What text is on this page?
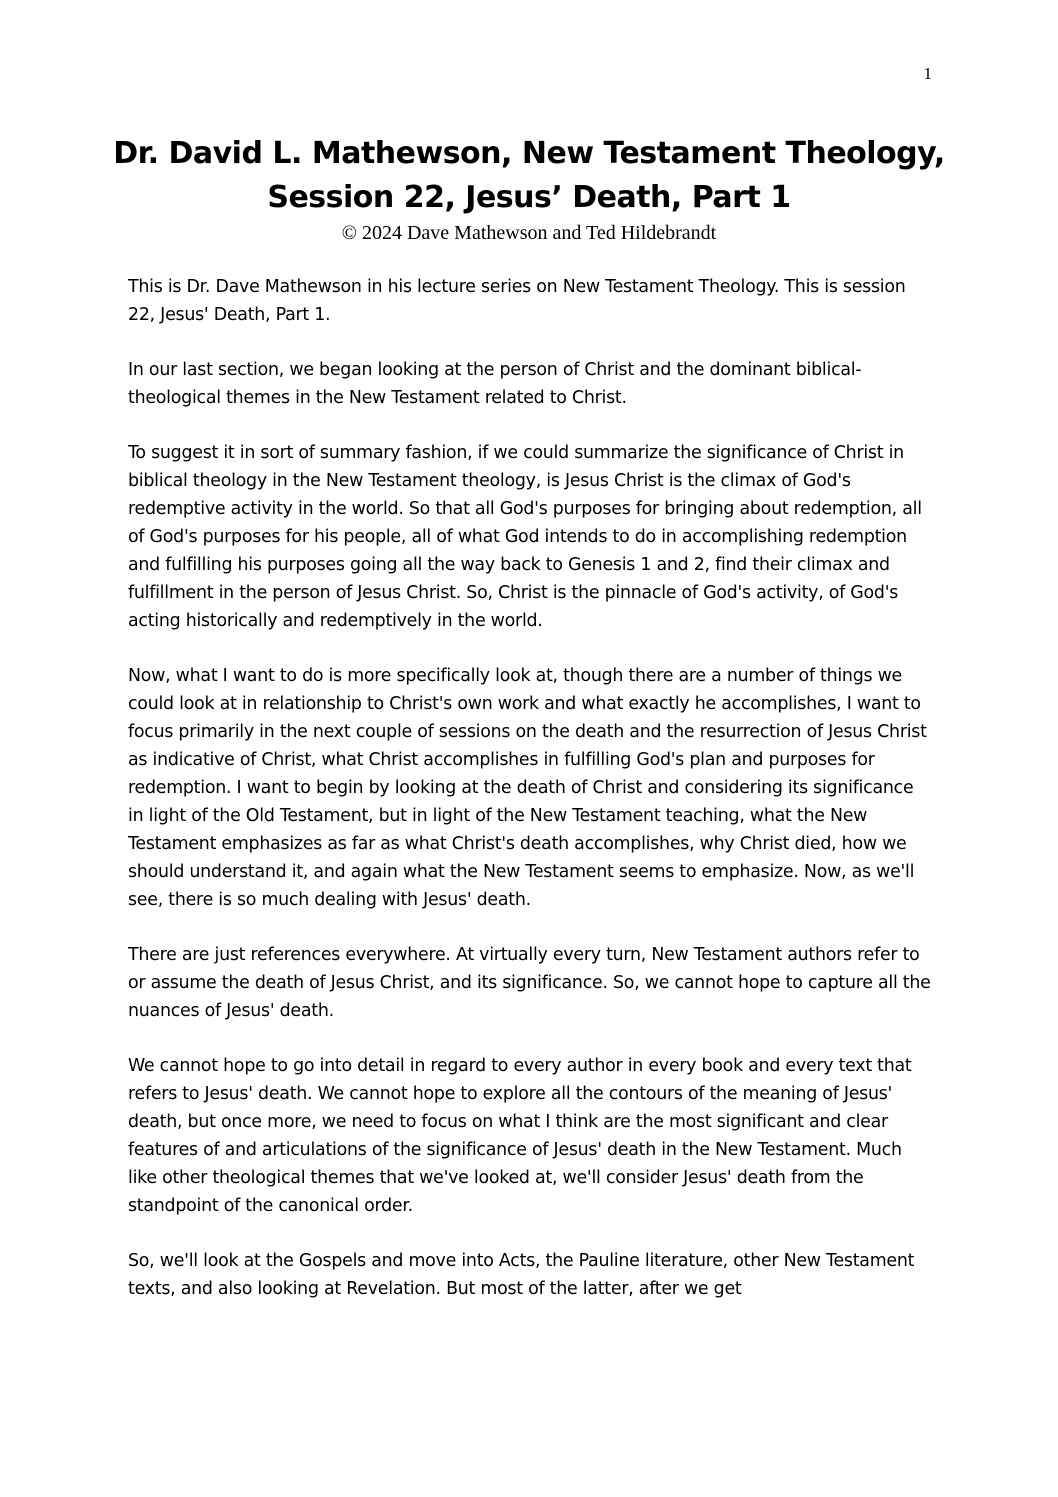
1
Dr. David L. Mathewson, New Testament Theology,
Session 22, Jesus’ Death, Part 1
© 2024 Dave Mathewson and Ted Hildebrandt

This is Dr. Dave Mathewson in his lecture series on New Testament Theology. This is session 22, Jesus' Death, Part 1.

In our last section, we began looking at the person of Christ and the dominant biblical-theological themes in the New Testament related to Christ.

To suggest it in sort of summary fashion, if we could summarize the significance of Christ in biblical theology in the New Testament theology, is Jesus Christ is the climax of God's redemptive activity in the world. So that all God's purposes for bringing about redemption, all of God's purposes for his people, all of what God intends to do in accomplishing redemption and fulfilling his purposes going all the way back to Genesis 1 and 2, find their climax and fulfillment in the person of Jesus Christ. So, Christ is the pinnacle of God's activity, of God's acting historically and redemptively in the world.

Now, what I want to do is more specifically look at, though there are a number of things we could look at in relationship to Christ's own work and what exactly he accomplishes, I want to focus primarily in the next couple of sessions on the death and the resurrection of Jesus Christ as indicative of Christ, what Christ accomplishes in fulfilling God's plan and purposes for redemption. I want to begin by looking at the death of Christ and considering its significance in light of the Old Testament, but in light of the New Testament teaching, what the New Testament emphasizes as far as what Christ's death accomplishes, why Christ died, how we should understand it, and again what the New Testament seems to emphasize. Now, as we'll see, there is so much dealing with Jesus' death.

There are just references everywhere. At virtually every turn, New Testament authors refer to or assume the death of Jesus Christ, and its significance. So, we cannot hope to capture all the nuances of Jesus' death.

We cannot hope to go into detail in regard to every author in every book and every text that refers to Jesus' death. We cannot hope to explore all the contours of the meaning of Jesus' death, but once more, we need to focus on what I think are the most significant and clear features of and articulations of the significance of Jesus' death in the New Testament. Much like other theological themes that we've looked at, we'll consider Jesus' death from the standpoint of the canonical order.

So, we'll look at the Gospels and move into Acts, the Pauline literature, other New Testament texts, and also looking at Revelation. But most of the latter, after we get
